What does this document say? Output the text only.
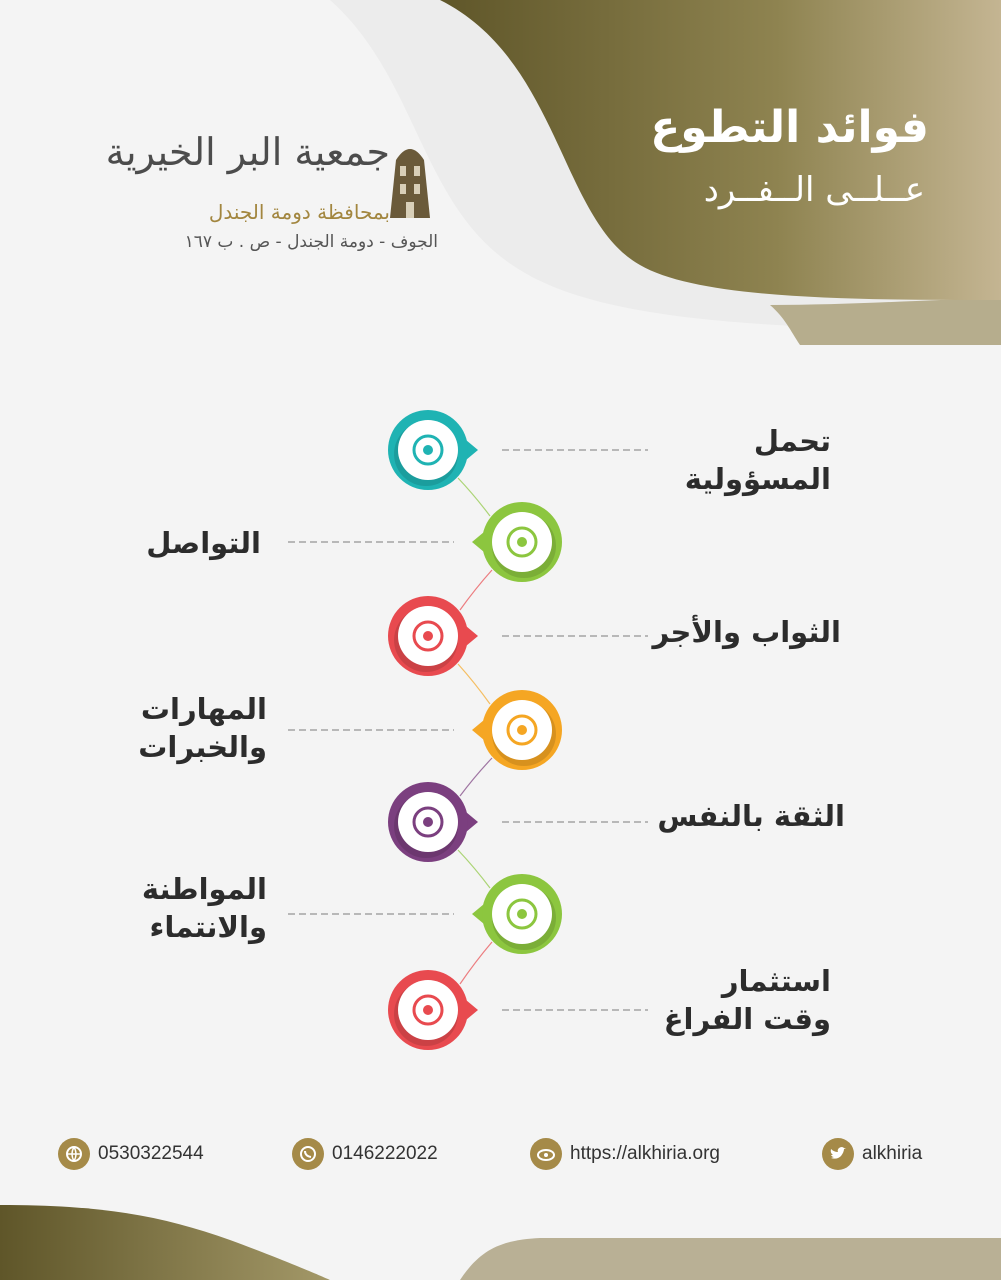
فوائد التطوع
عــلــى الــفــرد
جمعية البر الخيرية
بمحافظة دومة الجندل
الجوف - دومة الجندل - ص . ب ١٦٧
تحمل
المسؤولية
التواصل
الثواب والأجر
المهارات
والخبرات
الثقة بالنفس
المواطنة
والانتماء
استثمار
وقت الفراغ
0530322544	0146222022	https://alkhiria.org	alkhiria
